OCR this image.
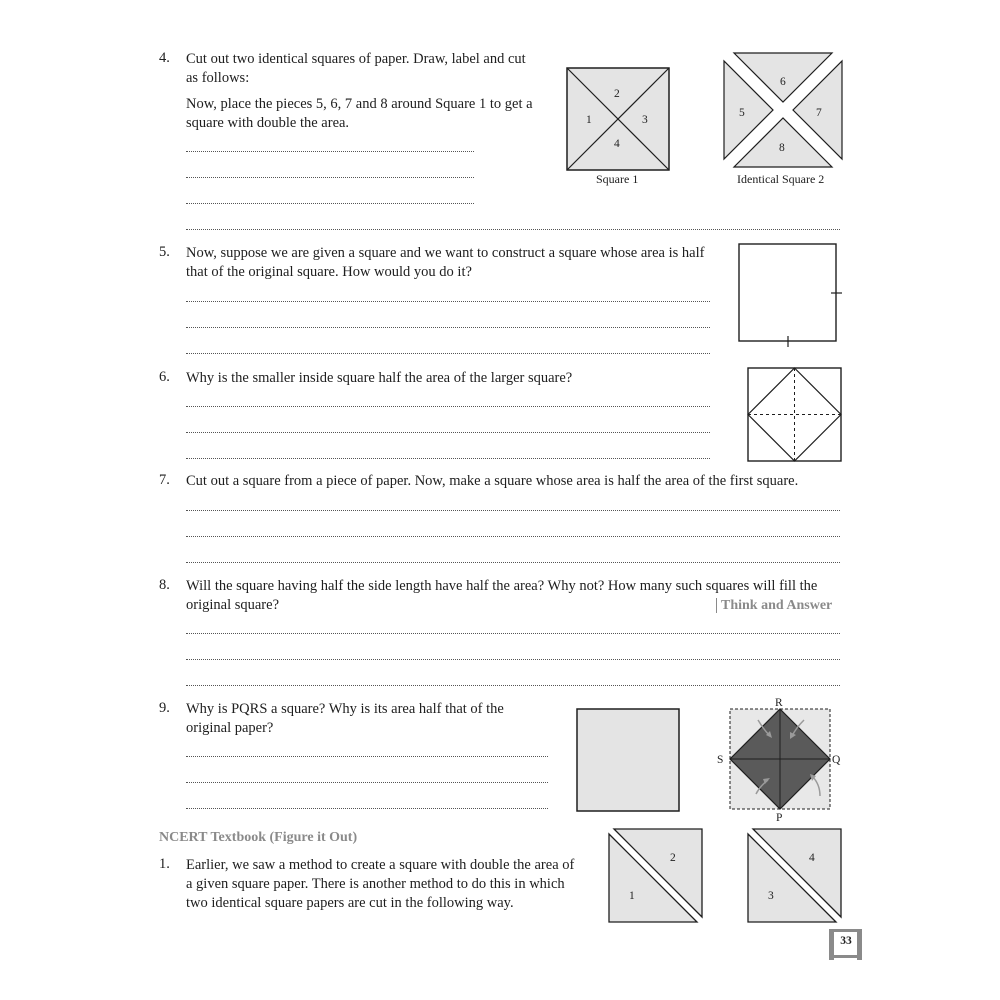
4. Cut out two identical squares of paper. Draw, label and cut
as follows:
Now, place the pieces 5, 6, 7 and 8 around Square 1 to get a
square with double the area.	1
2
3
4
Square 1
6
5	7
8
Identical Square 2
5. Now, suppose we are given a square and we want to construct a square whose area is half
that of the original square. How would you do it?
6. Why is the smaller inside square half the area of the larger square?
7. Cut out a square from a piece of paper. Now, make a square whose area is half the area of the first square.
8. Will the square having half the side length have half the area? Why not? How many such squares will fill the
original square?	Think and Answer
9. Why is PQRS a square? Why is its area half that of the
original paper?
R
S	Q
P
NCERT Textbook (Figure it Out)
1. Earlier, we saw a method to create a square with double the area of
a given square paper. There is another method to do this in which
two identical square papers are cut in the following way.
2
1
4
3
33
